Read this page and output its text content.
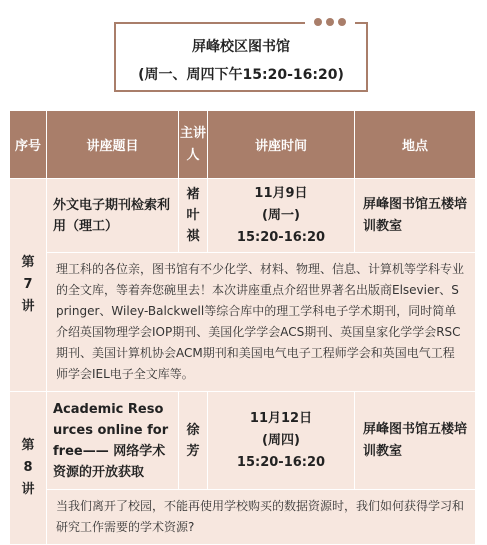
屏峰校区图书馆
(周一、周四下午15:20-16:20)
序号	讲座题目	主讲人	讲座时间	地点

第7讲	外文电子期刊检索利用（理工）	褚叶祺	11月9日
(周一)
15:20-16:20	屏峰图书馆五楼培训教室
	理工科的各位亲，图书馆有不少化学、材料、物理、信息、计算机等学科专业的全文库，等着奔您碗里去！本次讲座重点介绍世界著名出版商Elsevier、Springer、Wiley-Balckwell等综合库中的理工学科电子学术期刊，同时简单介绍英国物理学会IOP期刊、美国化学学会ACS期刊、英国皇家化学学会RSC期刊、美国计算机协会ACM期刊和美国电气电子工程师学会和英国电气工程师学会IEL电子全文库等。			

第8讲	Academic Resources online for free—— 网络学术资源的开放获取	徐芳	11月12日
(周四)
15:20-16:20	屏峰图书馆五楼培训教室
	当我们离开了校园，不能再使用学校购买的数据资源时，我们如何获得学习和研究工作需要的学术资源?			
